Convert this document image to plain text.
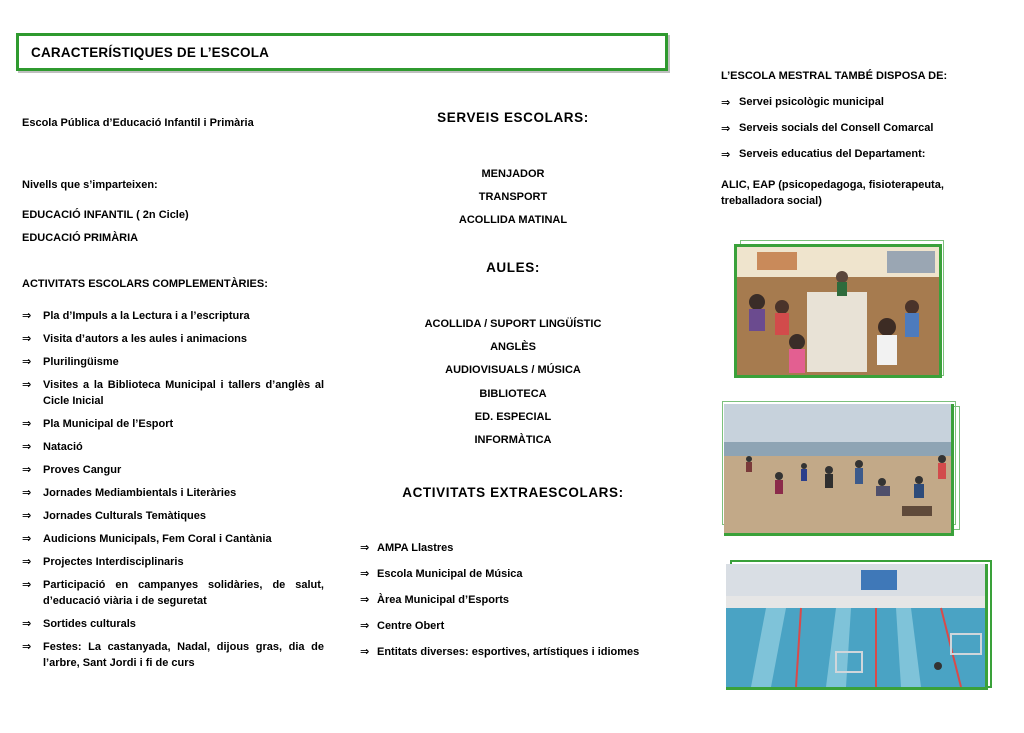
CARACTERÍSTIQUES DE L’ESCOLA
Escola Pública d’Educació Infantil i Primària
Nivells que s’imparteixen:
EDUCACIÓ INFANTIL ( 2n Cicle)
EDUCACIÓ PRIMÀRIA
ACTIVITATS ESCOLARS COMPLEMENTÀRIES:
⇒ Pla d’Impuls a la Lectura i a l’escriptura
⇒ Visita d’autors a les aules i animacions
⇒ Plurilingüisme
⇒ Visites a la Biblioteca Municipal i tallers d’anglès al Cicle Inicial
⇒ Pla Municipal de l’Esport
⇒ Natació
⇒ Proves Cangur
⇒ Jornades Mediambientals i Literàries
⇒ Jornades Culturals Temàtiques
⇒ Audicions Municipals, Fem Coral i Cantània
⇒ Projectes Interdisciplinaris
⇒ Participació en campanyes solidàries, de salut, d’educació viària i de seguretat
⇒ Sortides culturals
⇒ Festes: La castanyada, Nadal, dijous gras, dia de l’arbre, Sant Jordi i fi de curs
SERVEIS ESCOLARS:
MENJADOR
TRANSPORT
ACOLLIDA MATINAL
AULES:
ACOLLIDA / SUPORT LINGÜÍSTIC
ANGLÈS
AUDIOVISUALS / MÚSICA
BIBLIOTECA
ED. ESPECIAL
INFORMÀTICA
ACTIVITATS EXTRAESCOLARS:
⇒ AMPA Llastres
⇒ Escola Municipal de Música
⇒ Àrea Municipal d’Esports
⇒ Centre Obert
⇒ Entitats diverses: esportives, artístiques i idiomes
L’ESCOLA MESTRAL TAMBÉ DISPOSA DE:
⇒ Servei psicològic municipal
⇒ Serveis socials del Consell Comarcal
⇒ Serveis educatius del Departament:
ALIC, EAP (psicopedagoga, fisioterapeuta, treballadora social)
